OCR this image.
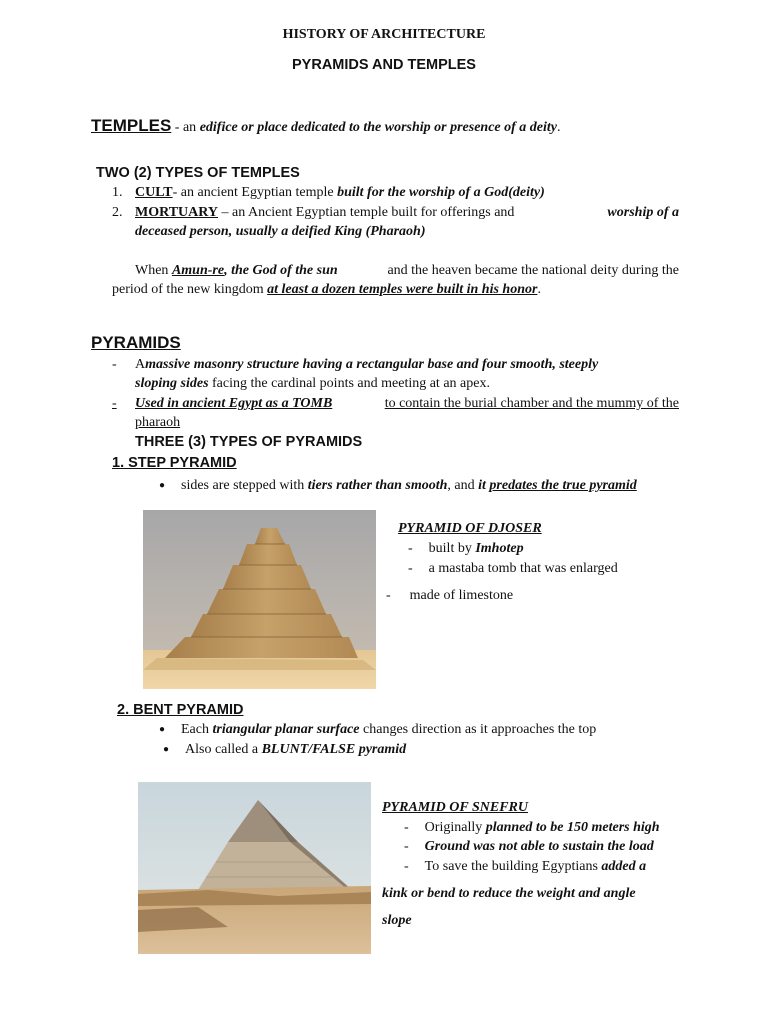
HISTORY OF ARCHITECTURE
PYRAMIDS AND TEMPLES
TEMPLES - an edifice or place dedicated to the worship or presence of a deity.
TWO (2) TYPES OF TEMPLES
1. CULT- an ancient Egyptian temple built for the worship of a God(deity)
2. MORTUARY – an Ancient Egyptian temple built for offerings and	worship of a
deceased person, usually a deified King (Pharaoh)
When Amun-re, the God of the sun	and the heaven became the national deity during the
period of the new kingdom at least a dozen temples were built in his honor.
PYRAMIDS
- A massive masonry structure having a rectangular base and four smooth, steeply
sloping sides facing the cardinal points and meeting at an apex.
-	Used in ancient Egypt as a TOMB	to contain the burial chamber and the mummy of the
pharaoh
THREE (3) TYPES OF PYRAMIDS
1. STEP PYRAMID
● sides are stepped with tiers rather than smooth, and it predates the true pyramid
PYRAMID OF DJOSER
- built by Imhotep
- a mastaba tomb that was enlarged
- made of limestone
2. BENT PYRAMID
● Each triangular planar surface changes direction as it approaches the top
● Also called a BLUNT/FALSE pyramid
PYRAMID OF SNEFRU
- Originally planned to be 150 meters high
- Ground was not able to sustain the load
- To save the building Egyptians added a
kink or bend to reduce the weight and angle
slope
